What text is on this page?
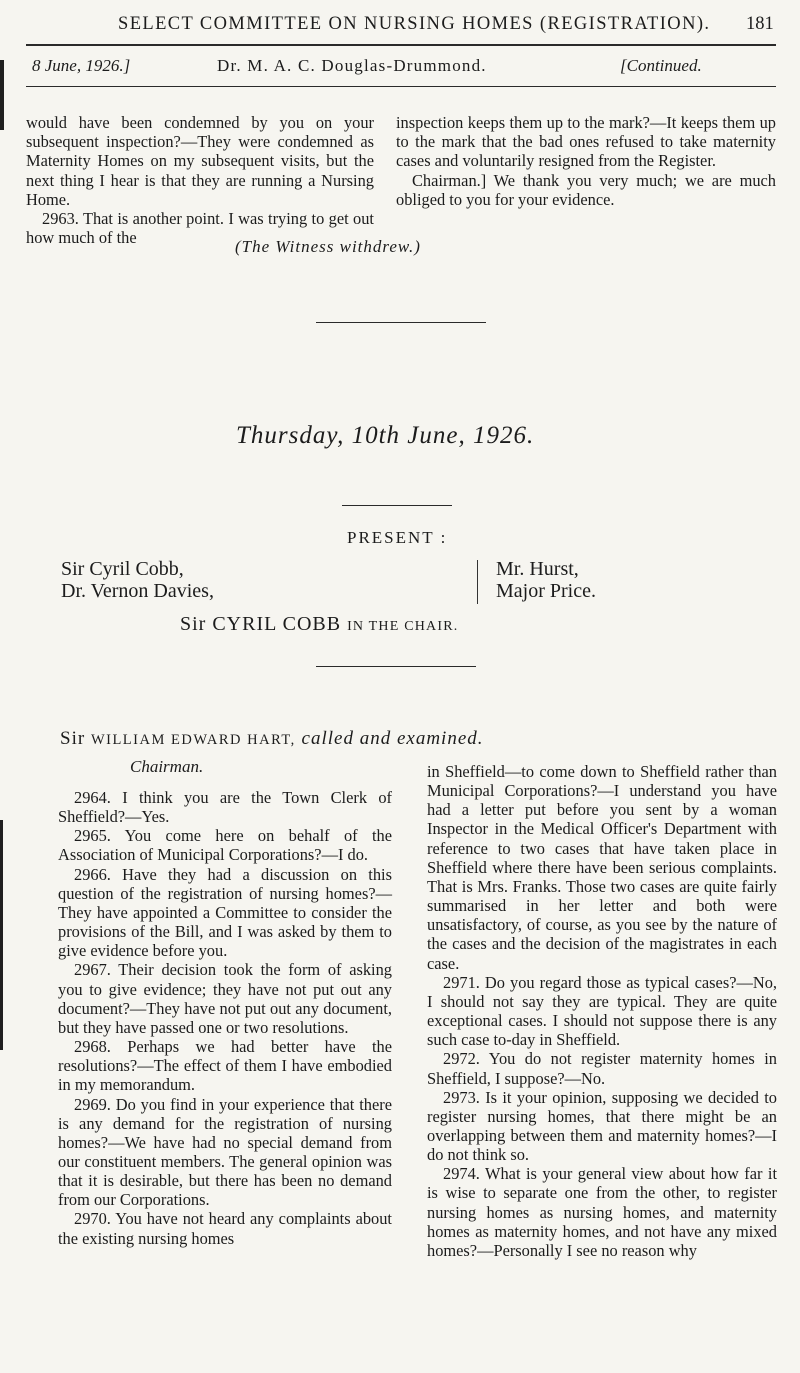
SELECT COMMITTEE ON NURSING HOMES (REGISTRATION).	181
8 June, 1926.]	Dr. M. A. C. Douglas-Drummond.	[Continued.

would have been condemned by you on your subsequent inspection?—They were condemned as Maternity Homes on my subsequent visits, but the next thing I hear is that they are running a Nursing Home.

2963. That is another point. I was trying to get out how much of the

inspection keeps them up to the mark?—It keeps them up to the mark that the bad ones refused to take maternity cases and voluntarily resigned from the Register.

Chairman.] We thank you very much; we are much obliged to you for your evidence.

(The Witness withdrew.)
Thursday, 10th June, 1926.
PRESENT :
Sir Cyril Cobb,
Dr. Vernon Davies,
Mr. Hurst,
Major Price.
Sir CYRIL COBB IN THE CHAIR.
Sir WILLIAM EDWARD HART, called and examined.
Chairman.

2964. I think you are the Town Clerk of Sheffield?—Yes.

2965. You come here on behalf of the Association of Municipal Corporations?—I do.

2966. Have they had a discussion on this question of the registration of nursing homes?—They have appointed a Committee to consider the provisions of the Bill, and I was asked by them to give evidence before you.

2967. Their decision took the form of asking you to give evidence; they have not put out any document?—They have not put out any document, but they have passed one or two resolutions.

2968. Perhaps we had better have the resolutions?—The effect of them I have embodied in my memorandum.

2969. Do you find in your experience that there is any demand for the registration of nursing homes?—We have had no special demand from our constituent members. The general opinion was that it is desirable, but there has been no demand from our Corporations.

2970. You have not heard any complaints about the existing nursing homes

in Sheffield—to come down to Sheffield rather than Municipal Corporations?—I understand you have had a letter put before you sent by a woman Inspector in the Medical Officer's Department with reference to two cases that have taken place in Sheffield where there have been serious complaints. That is Mrs. Franks. Those two cases are quite fairly summarised in her letter and both were unsatisfactory, of course, as you see by the nature of the cases and the decision of the magistrates in each case.

2971. Do you regard those as typical cases?—No, I should not say they are typical. They are quite exceptional cases. I should not suppose there is any such case to-day in Sheffield.

2972. You do not register maternity homes in Sheffield, I suppose?—No.

2973. Is it your opinion, supposing we decided to register nursing homes, that there might be an overlapping between them and maternity homes?—I do not think so.

2974. What is your general view about how far it is wise to separate one from the other, to register nursing homes as nursing homes, and maternity homes as maternity homes, and not have any mixed homes?—Personally I see no reason why
